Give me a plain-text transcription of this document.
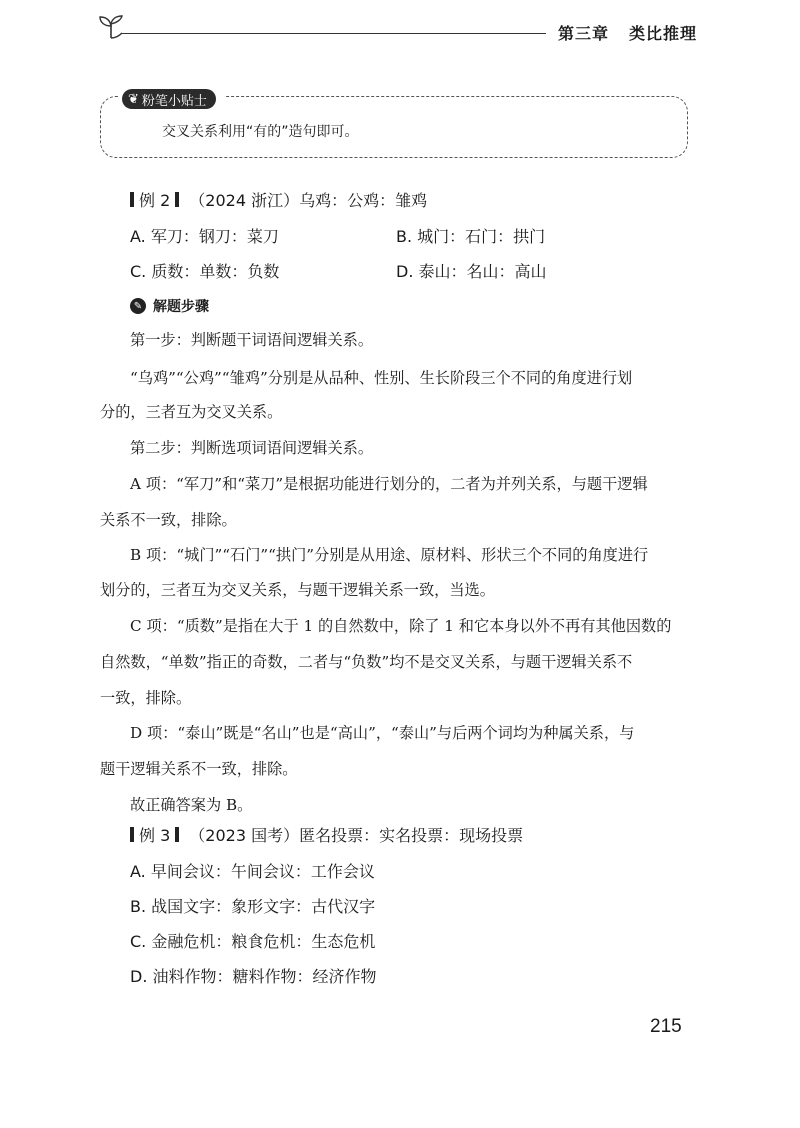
第三章 类比推理
❦ 粉笔小贴士
交叉关系利用“有的”造句即可。
例 2 （2024 浙江）乌鸡：公鸡：雏鸡
A. 军刀：钢刀：菜刀	B. 城门：石门：拱门
C. 质数：单数：负数	D. 泰山：名山：高山
✎ 解题步骤
第一步：判断题干词语间逻辑关系。
“乌鸡”“公鸡”“雏鸡”分别是从品种、性别、生长阶段三个不同的角度进行划
分的，三者互为交叉关系。
第二步：判断选项词语间逻辑关系。
A 项：“军刀”和“菜刀”是根据功能进行划分的，二者为并列关系，与题干逻辑
关系不一致，排除。
B 项：“城门”“石门”“拱门”分别是从用途、原材料、形状三个不同的角度进行
划分的，三者互为交叉关系，与题干逻辑关系一致，当选。
C 项：“质数”是指在大于 1 的自然数中，除了 1 和它本身以外不再有其他因数的
自然数，“单数”指正的奇数，二者与“负数”均不是交叉关系，与题干逻辑关系不
一致，排除。
D 项：“泰山”既是“名山”也是“高山”，“泰山”与后两个词均为种属关系，与
题干逻辑关系不一致，排除。
故正确答案为 B。
例 3 （2023 国考）匿名投票：实名投票：现场投票
A. 早间会议：午间会议：工作会议
B. 战国文字：象形文字：古代汉字
C. 金融危机：粮食危机：生态危机
D. 油料作物：糖料作物：经济作物
215
